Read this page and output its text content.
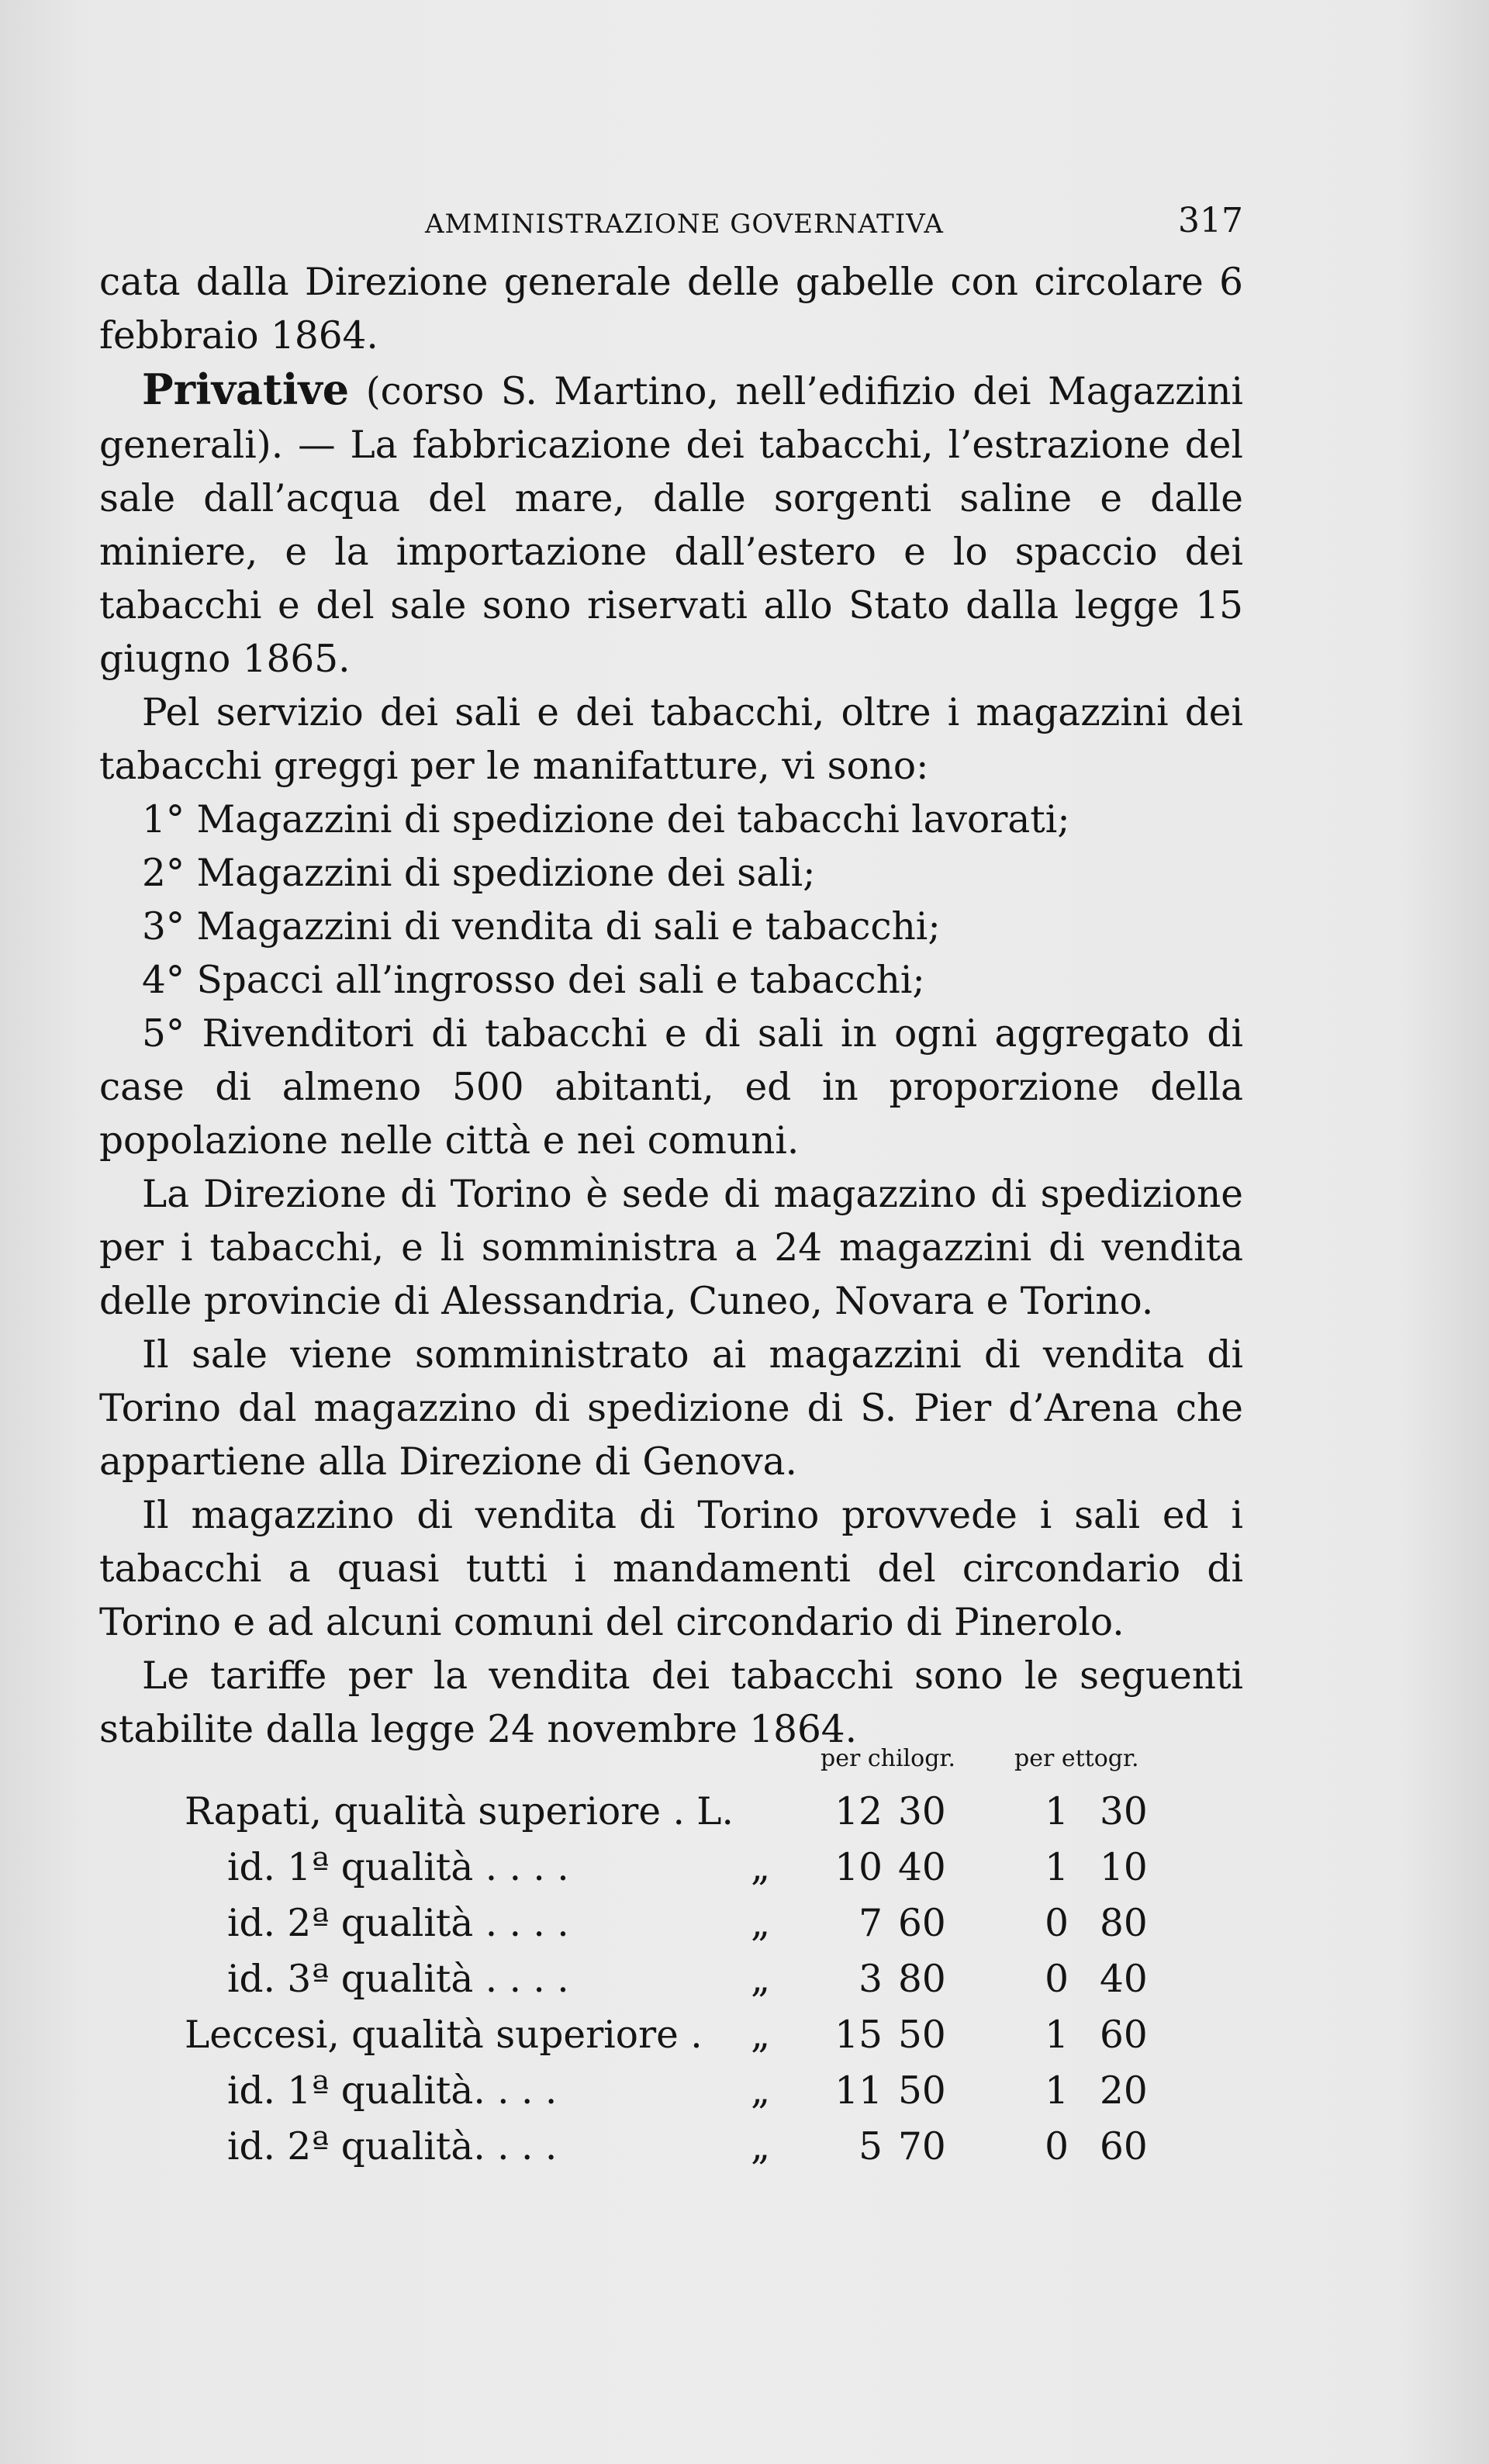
AMMINISTRAZIONE GOVERNATIVA	317

cata dalla Direzione generale delle gabelle con circolare 6 febbraio 1864.

Privative (corso S. Martino, nell’edifizio dei Magazzini generali). — La fabbricazione dei tabacchi, l’estrazione del sale dall’acqua del mare, dalle sorgenti saline e dalle miniere, e la importazione dall’estero e lo spaccio dei tabacchi e del sale sono riservati allo Stato dalla legge 15 giugno 1865.

Pel servizio dei sali e dei tabacchi, oltre i magazzini dei tabacchi greggi per le manifatture, vi sono:

1° Magazzini di spedizione dei tabacchi lavorati;

2° Magazzini di spedizione dei sali;

3° Magazzini di vendita di sali e tabacchi;

4° Spacci all’ingrosso dei sali e tabacchi;

5° Rivenditori di tabacchi e di sali in ogni aggregato di case di almeno 500 abitanti, ed in proporzione della popolazione nelle città e nei comuni.

La Direzione di Torino è sede di magazzino di spedizione per i tabacchi, e li somministra a 24 magazzini di vendita delle provincie di Alessandria, Cuneo, Novara e Torino.

Il sale viene somministrato ai magazzini di vendita di Torino dal magazzino di spedizione di S. Pier d’Arena che appartiene alla Direzione di Genova.

Il magazzino di vendita di Torino provvede i sali ed i tabacchi a quasi tutti i mandamenti del circondario di Torino e ad alcuni comuni del circondario di Pinerolo.

Le tariffe per la vendita dei tabacchi sono le seguenti stabilite dalla legge 24 novembre 1864.

per chilogr.	per ettogr.
Rapati, qualità superiore . L.	12 30	1 30
id. 1ª qualità . . . .	„	10 40	1 10
id. 2ª qualità . . . .	„	7 60	0 80
id. 3ª qualità . . . .	„	3 80	0 40
Leccesi, qualità superiore . „	15 50	1 60
id. 1ª qualità. . . .	„	11 50	1 20
id. 2ª qualità. . . .	„	5 70	0 60
